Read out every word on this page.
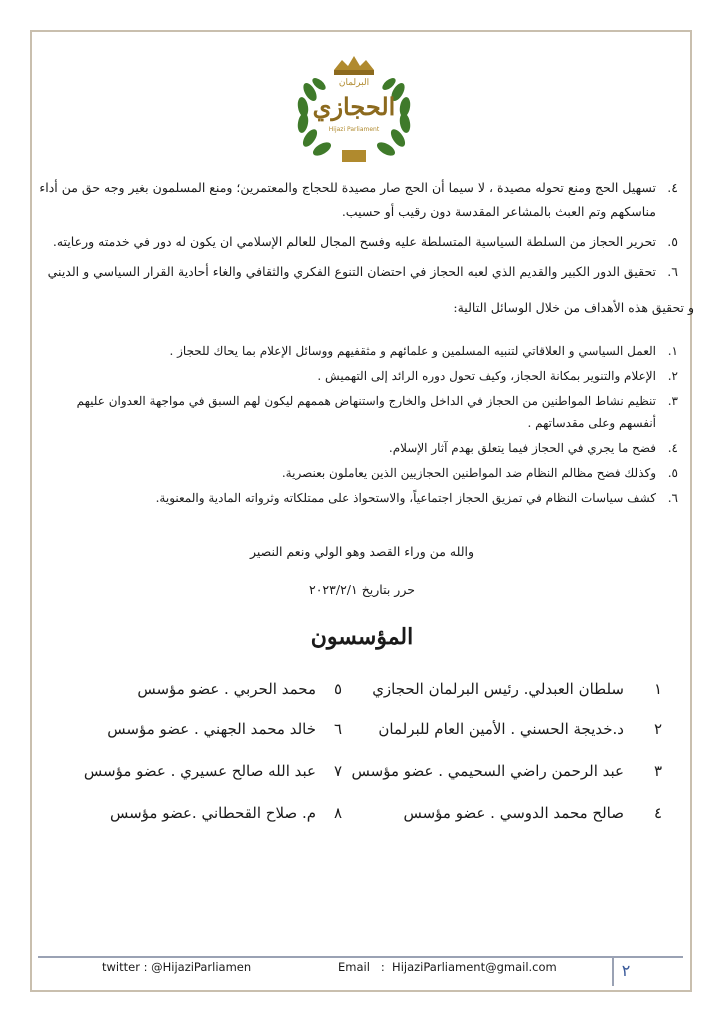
البرلمان
الحجازي
Hijazi Parliament
٤.
تسهيل الحج ومنع تحوله مصيدة ، لا سيما أن الحج صار مصيدة للحجاج والمعتمرين؛ ومنع المسلمون بغير وجه حق من أداء مناسكهم وتم العبث بالمشاعر المقدسة دون رقيب أو حسيب.
٥.
تحرير الحجاز من السلطة السياسية المتسلطة عليه وفسح المجال للعالم الإسلامي ان يكون له دور في خدمته ورعايته.
٦.
تحقيق الدور الكبير والقديم الذي لعبه الحجاز في احتضان التنوع الفكري والثقافي والغاء أحادية القرار السياسي و الديني
و تحقيق هذه الأهداف من خلال الوسائل التالية:
١.
العمل السياسي و العلاقاتي لتنبيه المسلمين و علمائهم و مثقفيهم ووسائل الإعلام بما يحاك للحجاز .
٢.
الإعلام والتنوير بمكانة الحجاز، وكيف تحول دوره الرائد إلى التهميش .
٣.
تنظيم نشاط المواطنين من الحجاز في الداخل والخارج واستنهاض هممهم ليكون لهم السبق في مواجهة العدوان عليهم أنفسهم وعلى مقدساتهم .
٤.
فضح ما يجري في الحجاز فيما يتعلق بهدم آثار الإسلام.
٥.
وكذلك فضح مظالم النظام ضد المواطنين الحجازيين الذين يعاملون بعنصرية.
٦.
كشف سياسات النظام في تمزيق الحجاز اجتماعياً، والاستحواذ على ممتلكاته وثرواته المادية والمعنوية.
والله من وراء القصد وهو الولي ونعم النصير
حرر بتاريخ ٢٠٢٣/٢/١
المؤسسون
١
سلطان العبدلي. رئيس البرلمان الحجازي
٢
د.خديجة الحسني . الأمين العام للبرلمان
٣
عبد الرحمن راضي السحيمي . عضو مؤسس
٤
صالح محمد الدوسي . عضو مؤسس
٥
محمد الحربي . عضو مؤسس
٦
خالد محمد الجهني . عضو مؤسس
٧
عبد الله صالح عسيري . عضو مؤسس
٨
م. صلاح القحطاني .عضو مؤسس
twitter : @HijaziParliamen	Email   :  HijaziParliament@gmail.com	٢
